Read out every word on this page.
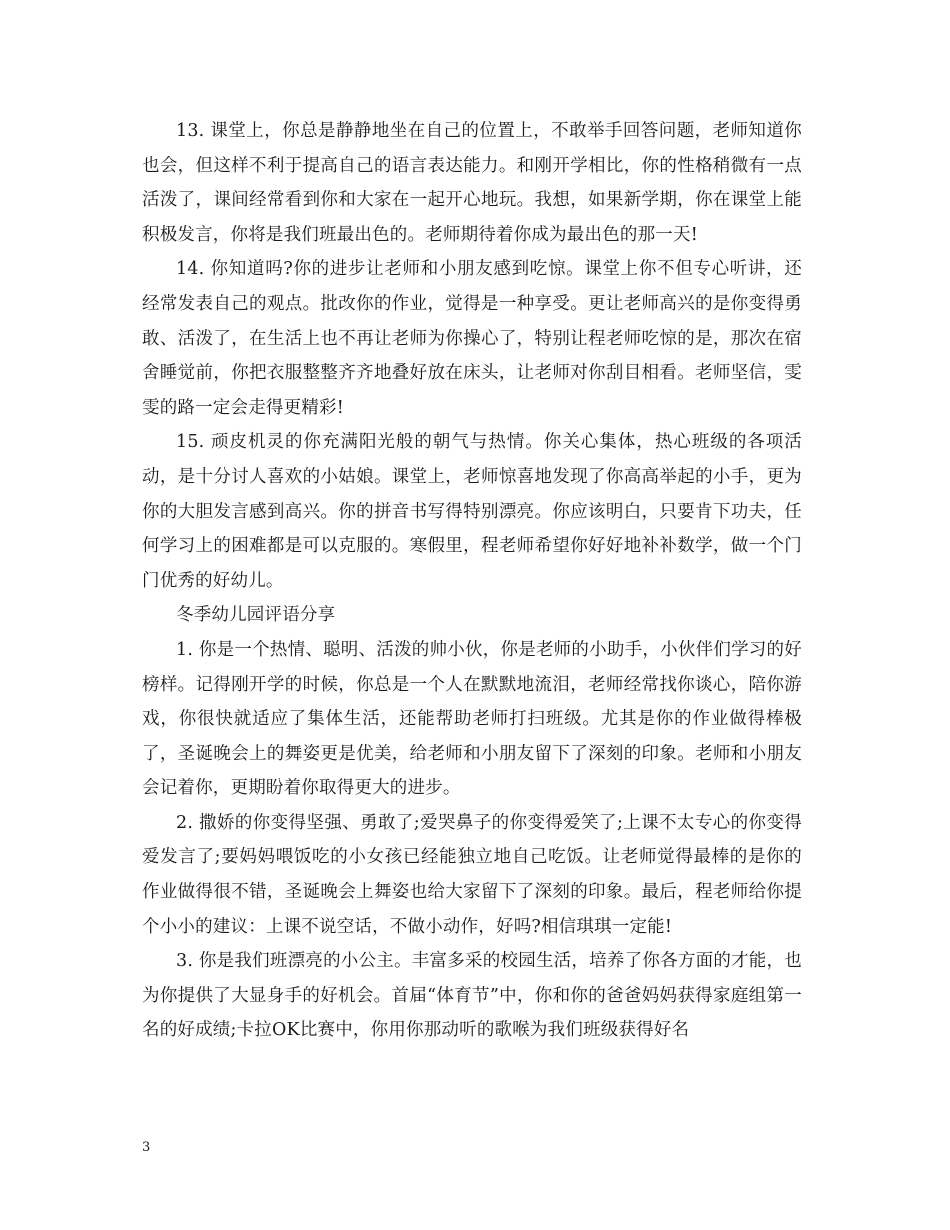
13. 课堂上，你总是静静地坐在自己的位置上，不敢举手回答问题，老师知道你也会，但这样不利于提高自己的语言表达能力。和刚开学相比，你的性格稍微有一点活泼了，课间经常看到你和大家在一起开心地玩。我想，如果新学期，你在课堂上能积极发言，你将是我们班最出色的。老师期待着你成为最出色的那一天!

14. 你知道吗?你的进步让老师和小朋友感到吃惊。课堂上你不但专心听讲，还经常发表自己的观点。批改你的作业，觉得是一种享受。更让老师高兴的是你变得勇敢、活泼了，在生活上也不再让老师为你操心了，特别让程老师吃惊的是，那次在宿舍睡觉前，你把衣服整整齐齐地叠好放在床头，让老师对你刮目相看。老师坚信，雯雯的路一定会走得更精彩!

15. 顽皮机灵的你充满阳光般的朝气与热情。你关心集体，热心班级的各项活动，是十分讨人喜欢的小姑娘。课堂上，老师惊喜地发现了你高高举起的小手，更为你的大胆发言感到高兴。你的拼音书写得特别漂亮。你应该明白，只要肯下功夫，任何学习上的困难都是可以克服的。寒假里，程老师希望你好好地补补数学，做一个门门优秀的好幼儿。

冬季幼儿园评语分享

1. 你是一个热情、聪明、活泼的帅小伙，你是老师的小助手，小伙伴们学习的好榜样。记得刚开学的时候，你总是一个人在默默地流泪，老师经常找你谈心，陪你游戏，你很快就适应了集体生活，还能帮助老师打扫班级。尤其是你的作业做得棒极了，圣诞晚会上的舞姿更是优美，给老师和小朋友留下了深刻的印象。老师和小朋友会记着你，更期盼着你取得更大的进步。

2. 撒娇的你变得坚强、勇敢了;爱哭鼻子的你变得爱笑了;上课不太专心的你变得爱发言了;要妈妈喂饭吃的小女孩已经能独立地自己吃饭。让老师觉得最棒的是你的作业做得很不错，圣诞晚会上舞姿也给大家留下了深刻的印象。最后，程老师给你提个小小的建议：上课不说空话，不做小动作，好吗?相信琪琪一定能!

3. 你是我们班漂亮的小公主。丰富多采的校园生活，培养了你各方面的才能，也为你提供了大显身手的好机会。首届“体育节”中，你和你的爸爸妈妈获得家庭组第一名的好成绩;卡拉OK比赛中，你用你那动听的歌喉为我们班级获得好名

3
